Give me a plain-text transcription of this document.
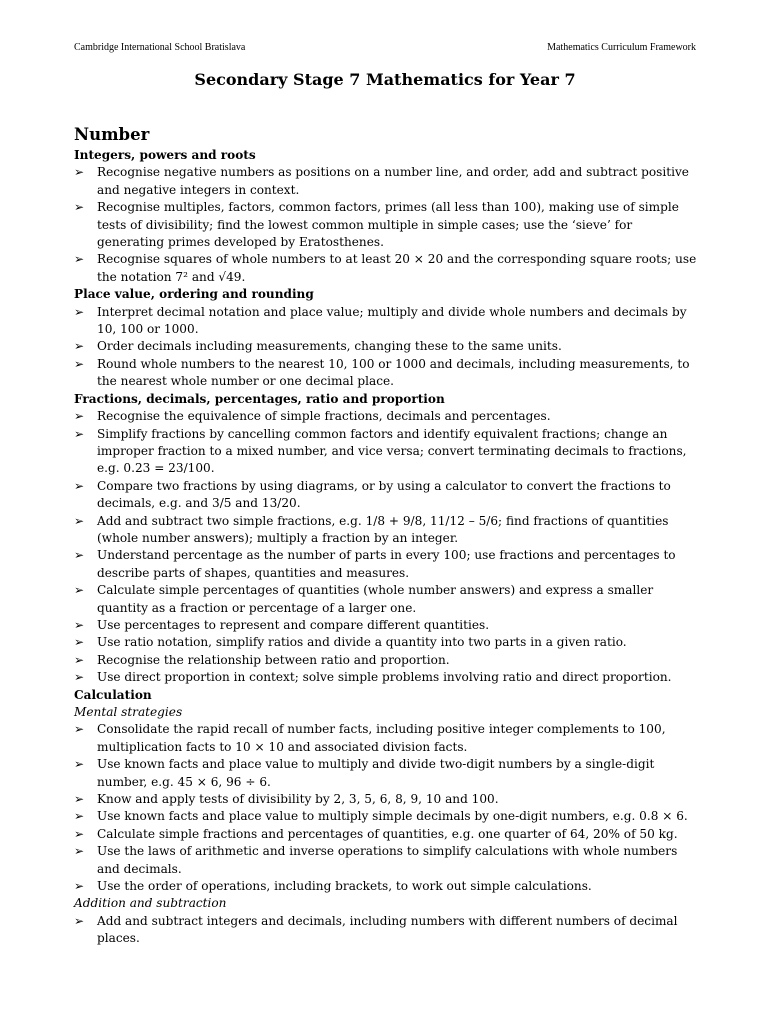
Cambridge International School Bratislava	Mathematics Curriculum Framework
Secondary Stage 7 Mathematics for Year 7
Number
Integers, powers and roots
➢ Recognise negative numbers as positions on a number line, and order, add and subtract positive and negative integers in context.
➢ Recognise multiples, factors, common factors, primes (all less than 100), making use of simple tests of divisibility; find the lowest common multiple in simple cases; use the ‘sieve’ for generating primes developed by Eratosthenes.
➢ Recognise squares of whole numbers to at least 20 × 20 and the corresponding square roots; use the notation 7² and √49.
Place value, ordering and rounding
➢ Interpret decimal notation and place value; multiply and divide whole numbers and decimals by 10, 100 or 1000.
➢ Order decimals including measurements, changing these to the same units.
➢ Round whole numbers to the nearest 10, 100 or 1000 and decimals, including measurements, to the nearest whole number or one decimal place.
Fractions, decimals, percentages, ratio and proportion
➢ Recognise the equivalence of simple fractions, decimals and percentages.
➢ Simplify fractions by cancelling common factors and identify equivalent fractions; change an improper fraction to a mixed number, and vice versa; convert terminating decimals to fractions, e.g. 0.23 = 23/100.
➢ Compare two fractions by using diagrams, or by using a calculator to convert the fractions to decimals, e.g. and 3/5 and 13/20.
➢ Add and subtract two simple fractions, e.g. 1/8 + 9/8, 11/12 – 5/6; find fractions of quantities (whole number answers); multiply a fraction by an integer.
➢ Understand percentage as the number of parts in every 100; use fractions and percentages to describe parts of shapes, quantities and measures.
➢ Calculate simple percentages of quantities (whole number answers) and express a smaller quantity as a fraction or percentage of a larger one.
➢ Use percentages to represent and compare different quantities.
➢ Use ratio notation, simplify ratios and divide a quantity into two parts in a given ratio.
➢ Recognise the relationship between ratio and proportion.
➢ Use direct proportion in context; solve simple problems involving ratio and direct proportion.
Calculation
Mental strategies
➢ Consolidate the rapid recall of number facts, including positive integer complements to 100, multiplication facts to 10 × 10 and associated division facts.
➢ Use known facts and place value to multiply and divide two-digit numbers by a single-digit number, e.g. 45 × 6, 96 ÷ 6.
➢ Know and apply tests of divisibility by 2, 3, 5, 6, 8, 9, 10 and 100.
➢ Use known facts and place value to multiply simple decimals by one-digit numbers, e.g. 0.8 × 6.
➢ Calculate simple fractions and percentages of quantities, e.g. one quarter of 64, 20% of 50 kg.
➢ Use the laws of arithmetic and inverse operations to simplify calculations with whole numbers and decimals.
➢ Use the order of operations, including brackets, to work out simple calculations.
Addition and subtraction
➢ Add and subtract integers and decimals, including numbers with different numbers of decimal places.
